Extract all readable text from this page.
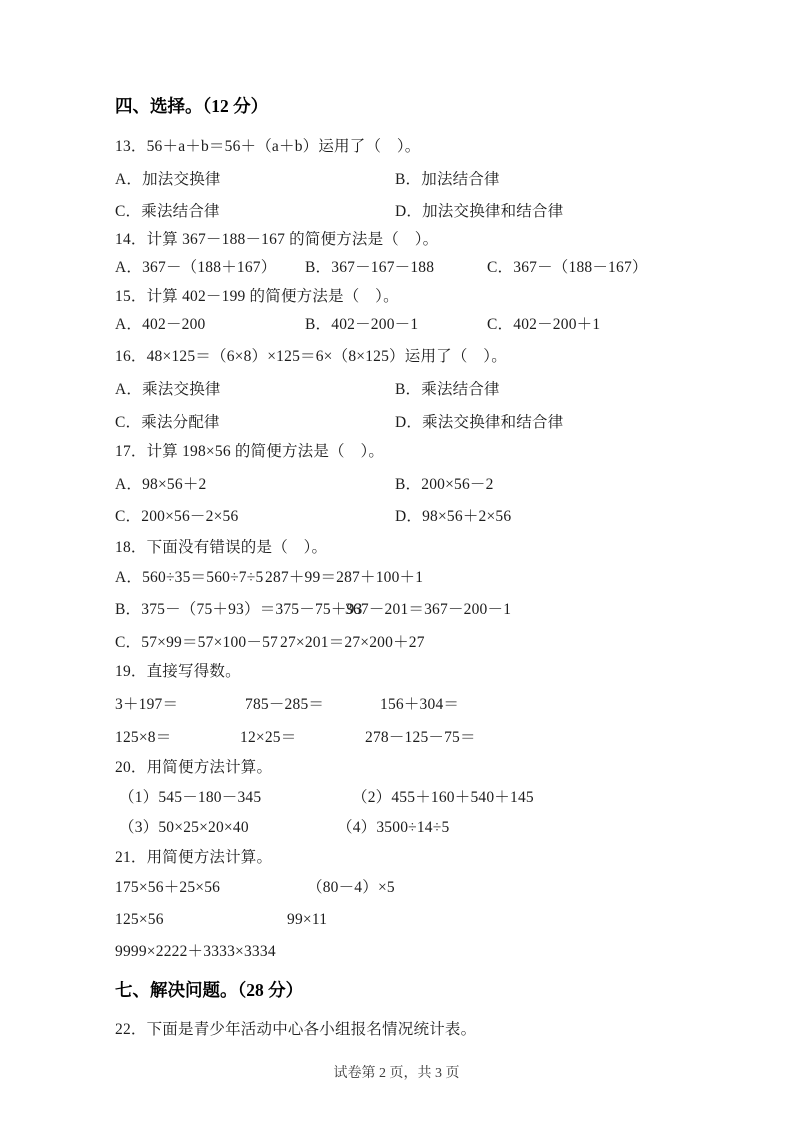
四、选择。（12 分）
13．56＋a＋b＝56＋（a＋b）运用了（　）。
A．加法交换律	B．加法结合律
C．乘法结合律	D．加法交换律和结合律
14．计算 367－188－167 的简便方法是（　）。
A．367－（188＋167） B．367－167－188	C．367－（188－167）
15．计算 402－199 的简便方法是（　）。
A．402－200	B．402－200－1	C．402－200＋1
16．48×125＝（6×8）×125＝6×（8×125）运用了（　）。
A．乘法交换律	B．乘法结合律
C．乘法分配律	D．乘法交换律和结合律
17．计算 198×56 的简便方法是（　）。
A．98×56＋2	B．200×56－2
C．200×56－2×56	D．98×56＋2×56
18．下面没有错误的是（　）。
A．560÷35＝560÷7÷5 287＋99＝287＋100＋1
B．375－（75＋93）＝375－75＋93
367－201＝367－200－1
C．57×99＝57×100－57 27×201＝27×200＋27
19．直接写得数。
3＋197＝	785－285＝	156＋304＝
125×8＝	12×25＝	278－125－75＝
20．用简便方法计算。
（1）545－180－345	（2）455＋160＋540＋145
（3）50×25×20×40	（4）3500÷14÷5
21．用简便方法计算。
175×56＋25×56	（80－4）×5
125×56	99×11
9999×2222＋3333×3334
七、解决问题。（28 分）
22．下面是青少年活动中心各小组报名情况统计表。
试卷第 2 页，共 3 页
